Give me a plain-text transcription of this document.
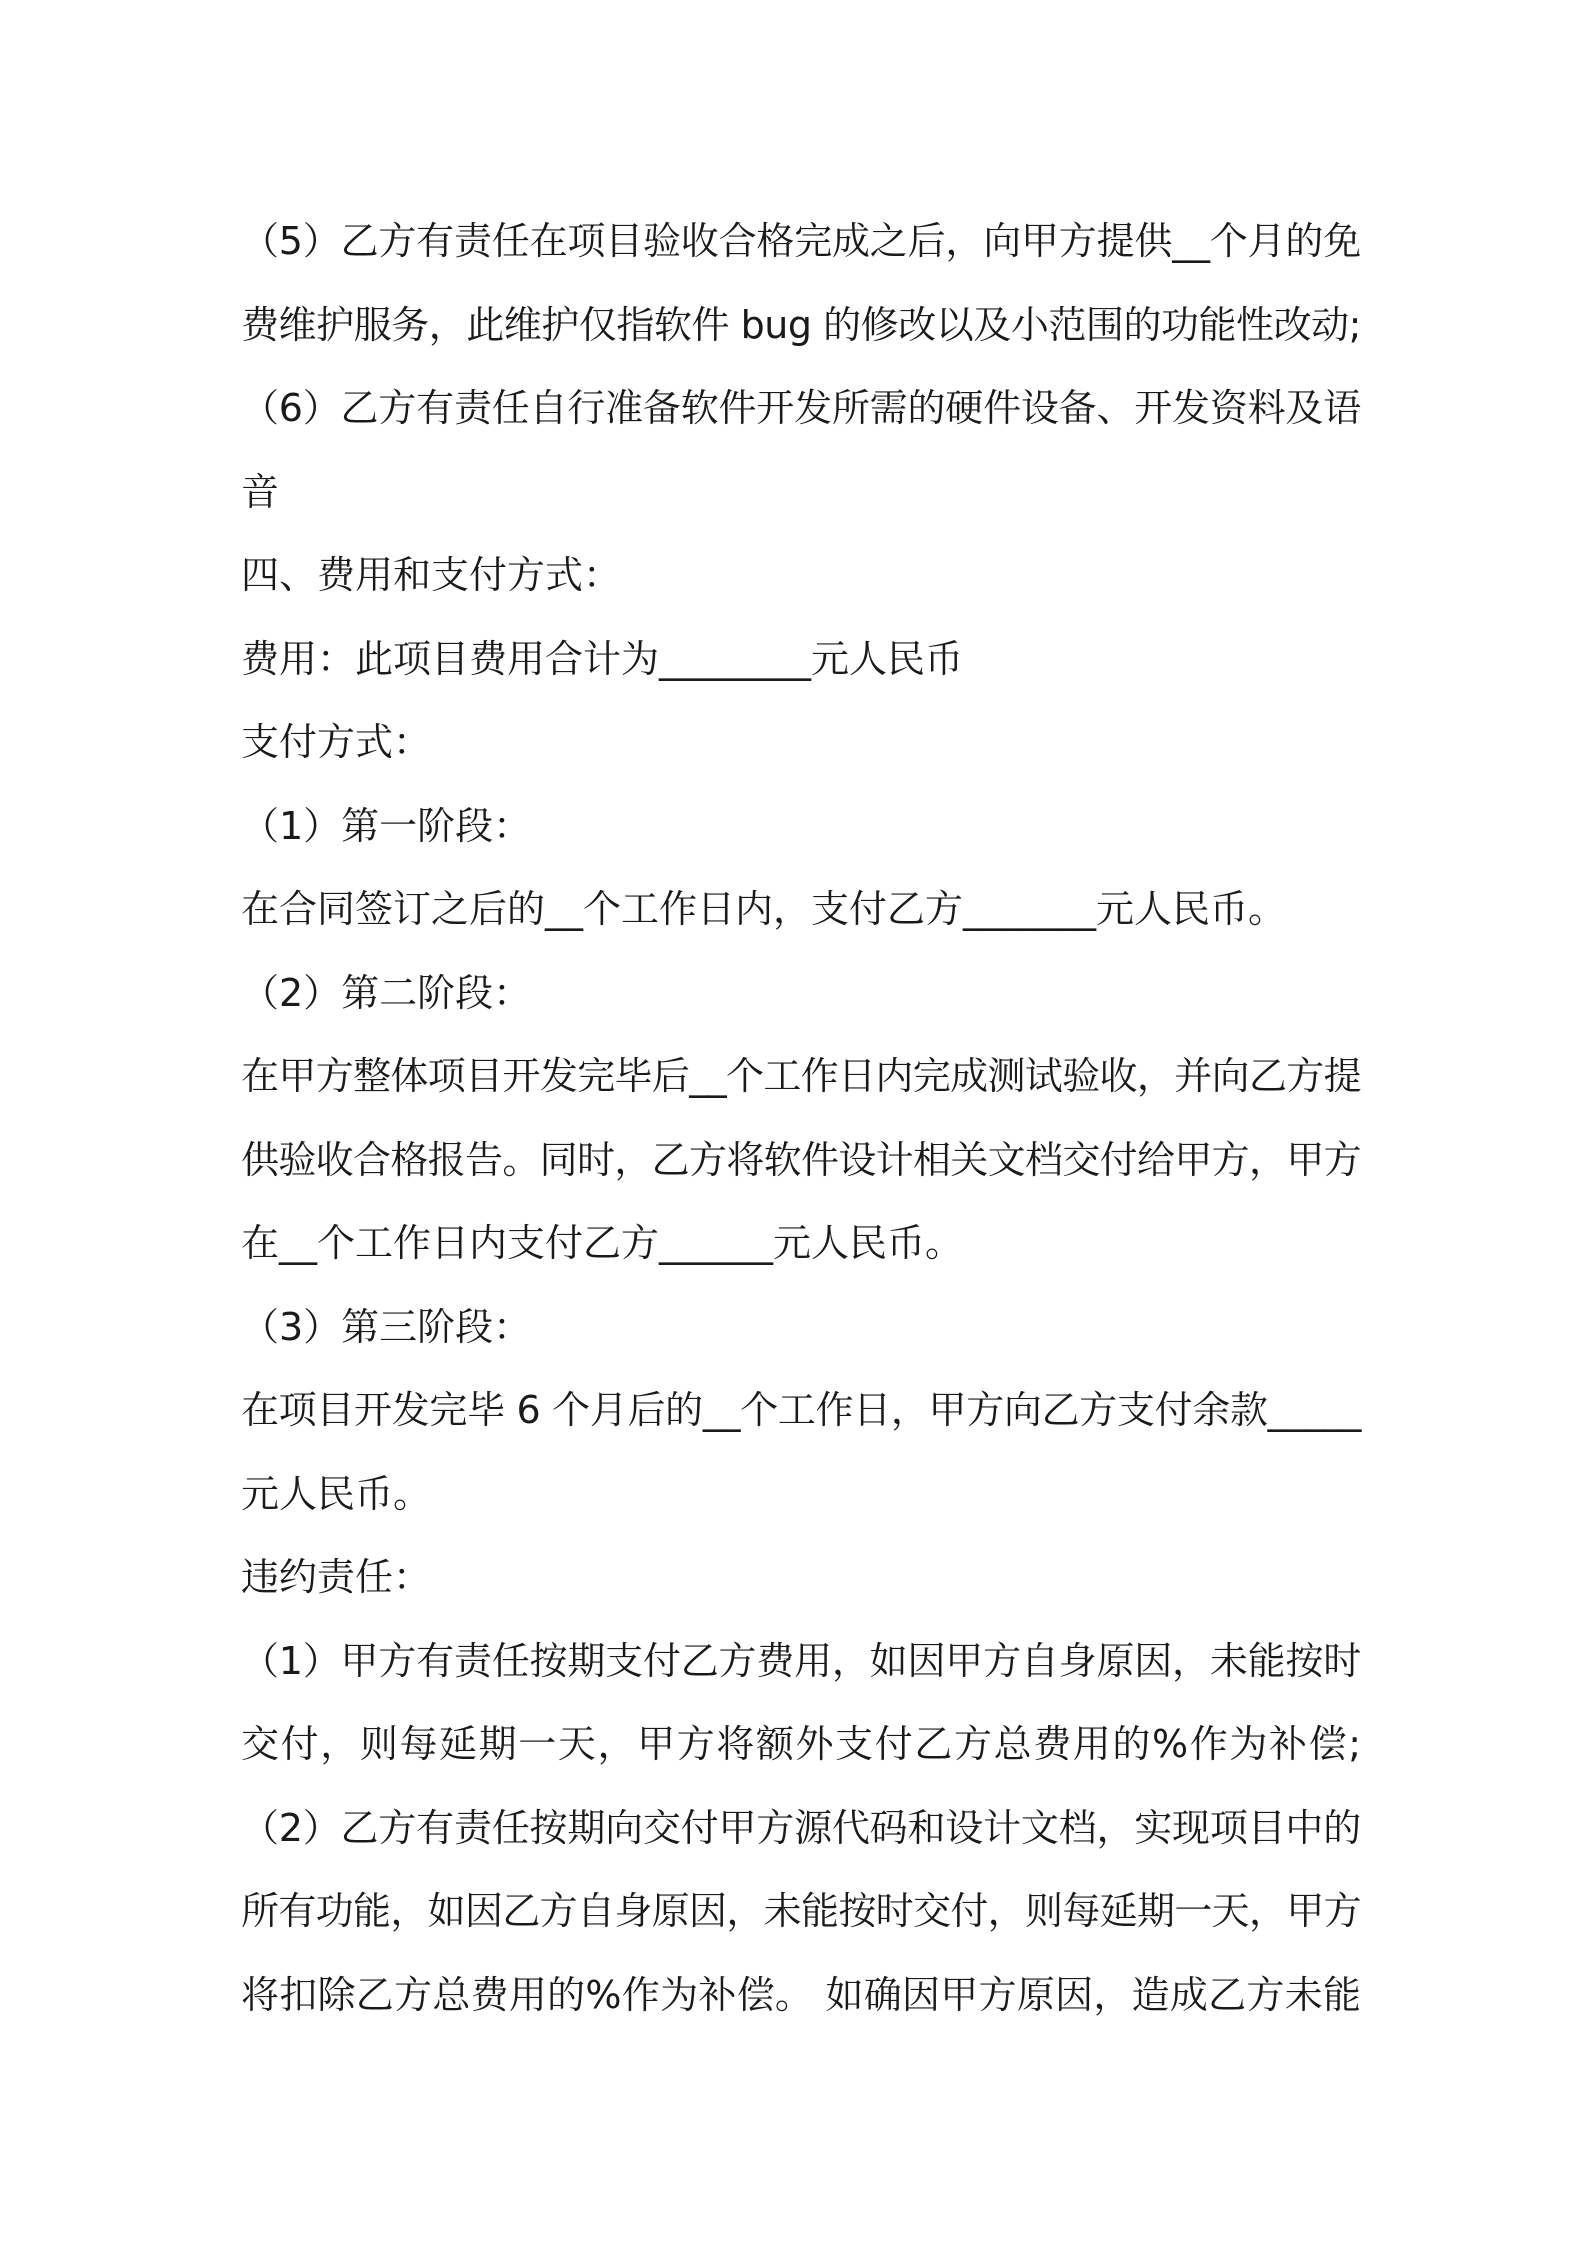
（5）乙方有责任在项目验收合格完成之后，向甲方提供__个月的免
费维护服务，此维护仅指软件 bug 的修改以及小范围的功能性改动;
（6）乙方有责任自行准备软件开发所需的硬件设备、开发资料及语
音
四、费用和支付方式：
费用：此项目费用合计为________元人民币
支付方式：
（1）第一阶段：
在合同签订之后的__个工作日内，支付乙方_______元人民币。
（2）第二阶段：
在甲方整体项目开发完毕后__个工作日内完成测试验收，并向乙方提
供验收合格报告。同时，乙方将软件设计相关文档交付给甲方，甲方
在__个工作日内支付乙方______元人民币。
（3）第三阶段：
在项目开发完毕 6 个月后的__个工作日，甲方向乙方支付余款_____
元人民币。
违约责任：
（1）甲方有责任按期支付乙方费用，如因甲方自身原因，未能按时
交付，则每延期一天，甲方将额外支付乙方总费用的%作为补偿;
（2）乙方有责任按期向交付甲方源代码和设计文档，实现项目中的
所有功能，如因乙方自身原因，未能按时交付，则每延期一天，甲方
将扣除乙方总费用的%作为补偿。 如确因甲方原因，造成乙方未能
